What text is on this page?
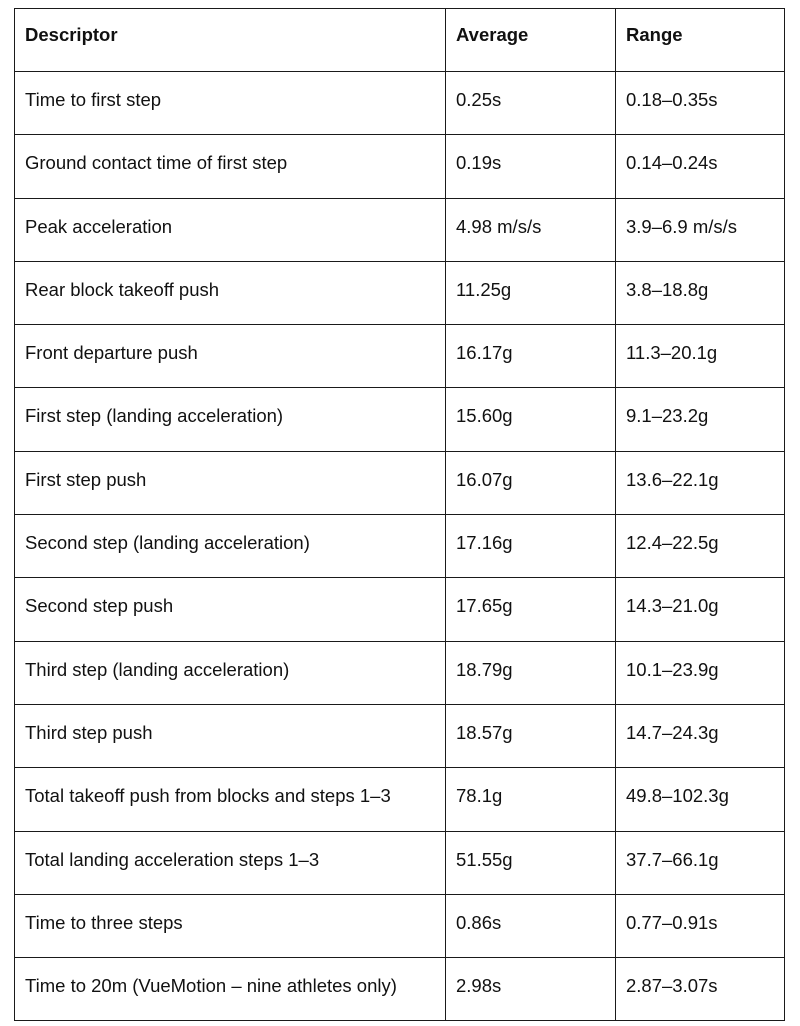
Descriptor	Average	Range
Time to first step	0.25s	0.18–0.35s
Ground contact time of first step	0.19s	0.14–0.24s
Peak acceleration	4.98 m/s/s	3.9–6.9 m/s/s
Rear block takeoff push	11.25g	3.8–18.8g
Front departure push	16.17g	11.3–20.1g
First step (landing acceleration)	15.60g	9.1–23.2g
First step push	16.07g	13.6–22.1g
Second step (landing acceleration)	17.16g	12.4–22.5g
Second step push	17.65g	14.3–21.0g
Third step (landing acceleration)	18.79g	10.1–23.9g
Third step push	18.57g	14.7–24.3g
Total takeoff push from blocks and steps 1–3	78.1g	49.8–102.3g
Total landing acceleration steps 1–3	51.55g	37.7–66.1g
Time to three steps	0.86s	0.77–0.91s
Time to 20m (VueMotion – nine athletes only)	2.98s	2.87–3.07s
